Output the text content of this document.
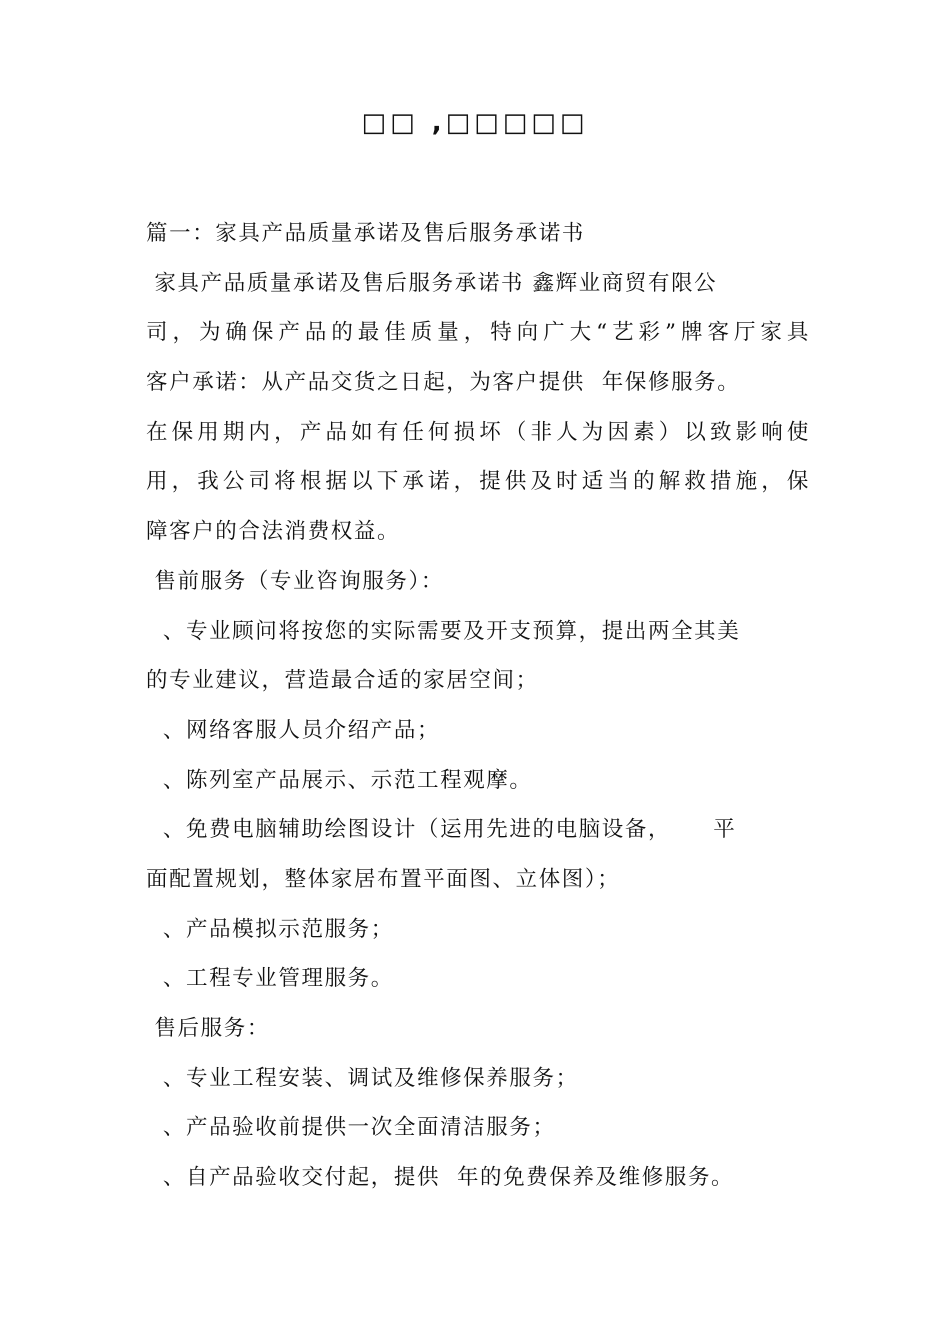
□□ ,□□□□□
篇一：家具产品质量承诺及售后服务承诺书
家具产品质量承诺及售后服务承诺书 鑫辉业商贸有限公
司，为确保产品的最佳质量，特向广大“艺彩”牌客厅家具
客户承诺：从产品交货之日起，为客户提供  年保修服务。
在保用期内，产品如有任何损坏（非人为因素）以致影响使
用，我公司将根据以下承诺，提供及时适当的解救措施，保
障客户的合法消费权益。
售前服务（专业咨询服务）：
、专业顾问将按您的实际需要及开支预算，提出两全其美
的专业建议，营造最合适的家居空间；
、网络客服人员介绍产品；
、陈列室产品展示、示范工程观摩。
、免费电脑辅助绘图设计（运用先进的电脑设备，     平
面配置规划，整体家居布置平面图、立体图）；
、产品模拟示范服务；
、工程专业管理服务。
售后服务：
、专业工程安装、调试及维修保养服务；
、产品验收前提供一次全面清洁服务；
、自产品验收交付起，提供  年的免费保养及维修服务。
